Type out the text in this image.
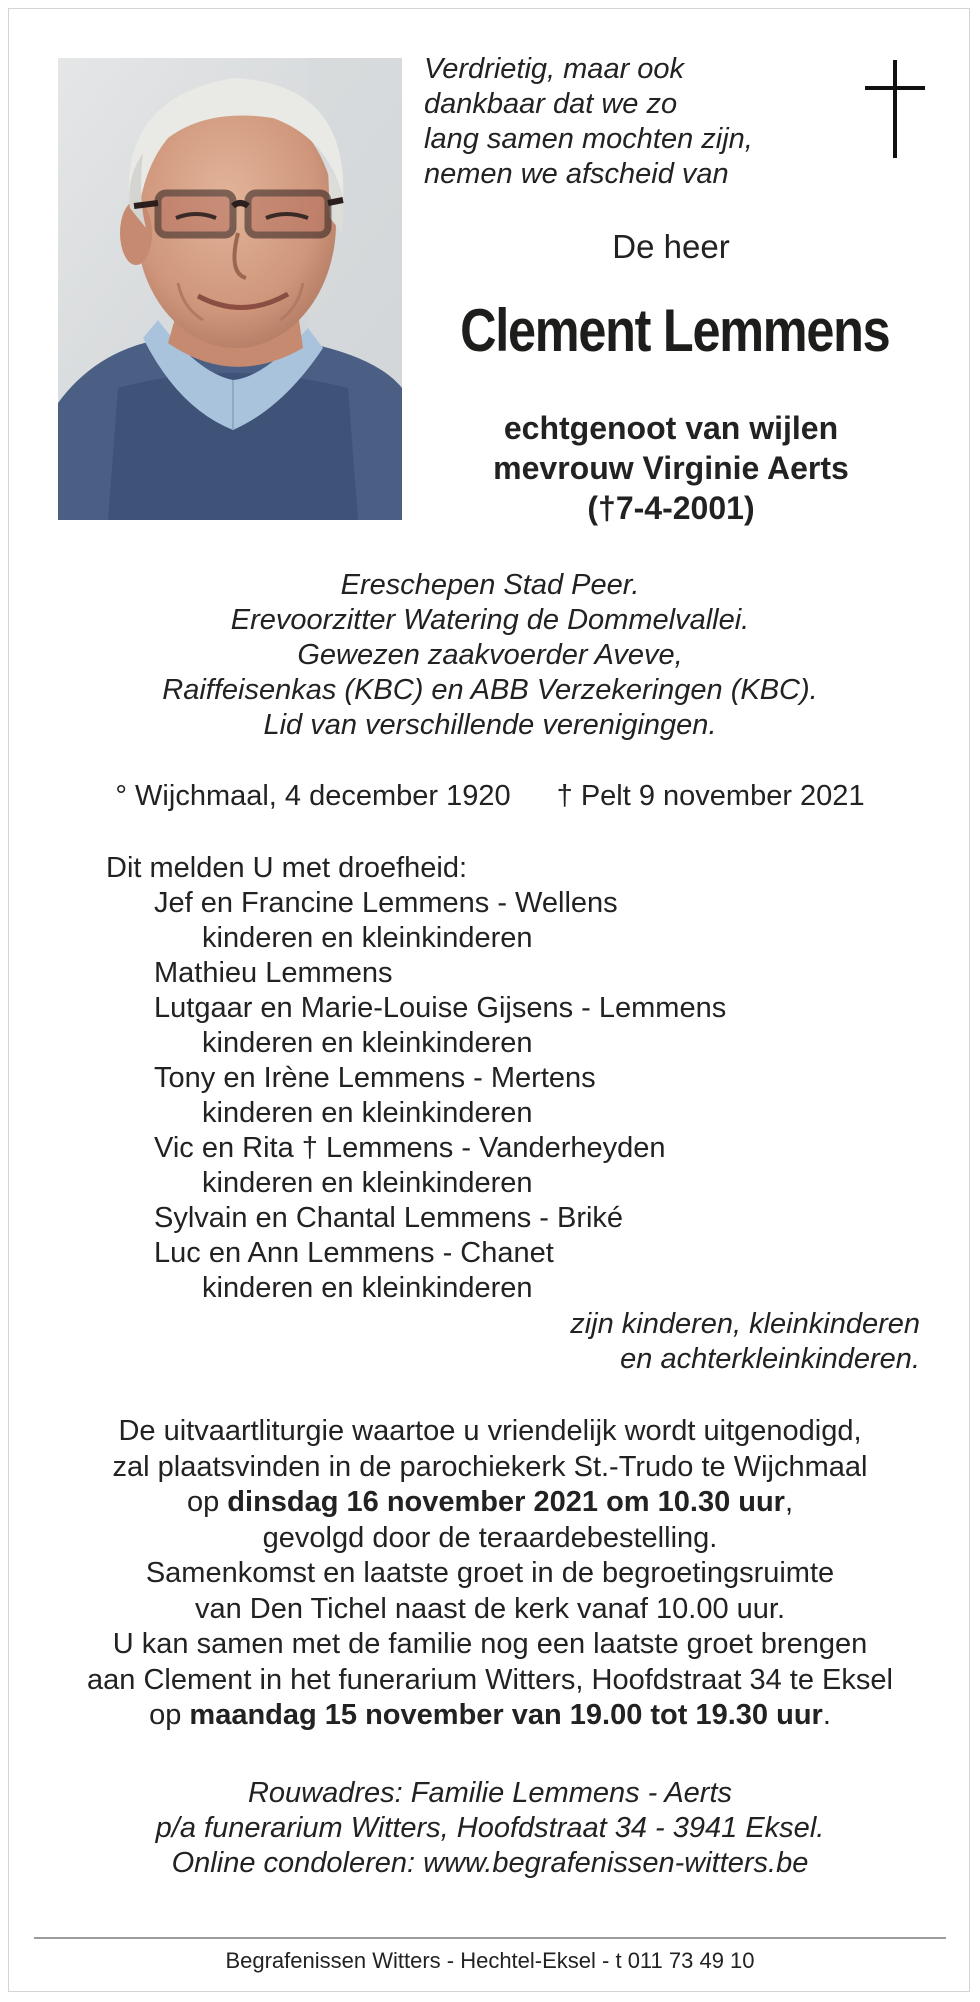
Verdrietig, maar ook
dankbaar dat we zo
lang samen mochten zijn,
nemen we afscheid van
De heer
Clement Lemmens
echtgenoot van wijlen
mevrouw Virginie Aerts
(†7-4-2001)
Ereschepen Stad Peer.
Erevoorzitter Watering de Dommelvallei.
Gewezen zaakvoerder Aveve,
Raiffeisenkas (KBC) en ABB Verzekeringen (KBC).
Lid van verschillende verenigingen.
° Wijchmaal, 4 december 1920 † Pelt 9 november 2021
Dit melden U met droefheid:
Jef en Francine Lemmens - Wellens
kinderen en kleinkinderen
Mathieu Lemmens
Lutgaar en Marie-Louise Gijsens - Lemmens
kinderen en kleinkinderen
Tony en Irène Lemmens - Mertens
kinderen en kleinkinderen
Vic en Rita † Lemmens - Vanderheyden
kinderen en kleinkinderen
Sylvain en Chantal Lemmens - Briké
Luc en Ann Lemmens - Chanet
kinderen en kleinkinderen
zijn kinderen, kleinkinderen
en achterkleinkinderen.
De uitvaartliturgie waartoe u vriendelijk wordt uitgenodigd,
zal plaatsvinden in de parochiekerk St.-Trudo te Wijchmaal
op dinsdag 16 november 2021 om 10.30 uur,
gevolgd door de teraardebestelling.
Samenkomst en laatste groet in de begroetingsruimte
van Den Tichel naast de kerk vanaf 10.00 uur.
U kan samen met de familie nog een laatste groet brengen
aan Clement in het funerarium Witters, Hoofdstraat 34 te Eksel
op maandag 15 november van 19.00 tot 19.30 uur.
Rouwadres: Familie Lemmens - Aerts
p/a funerarium Witters, Hoofdstraat 34 - 3941 Eksel.
Online condoleren: www.begrafenissen-witters.be
Begrafenissen Witters - Hechtel-Eksel - t 011 73 49 10
